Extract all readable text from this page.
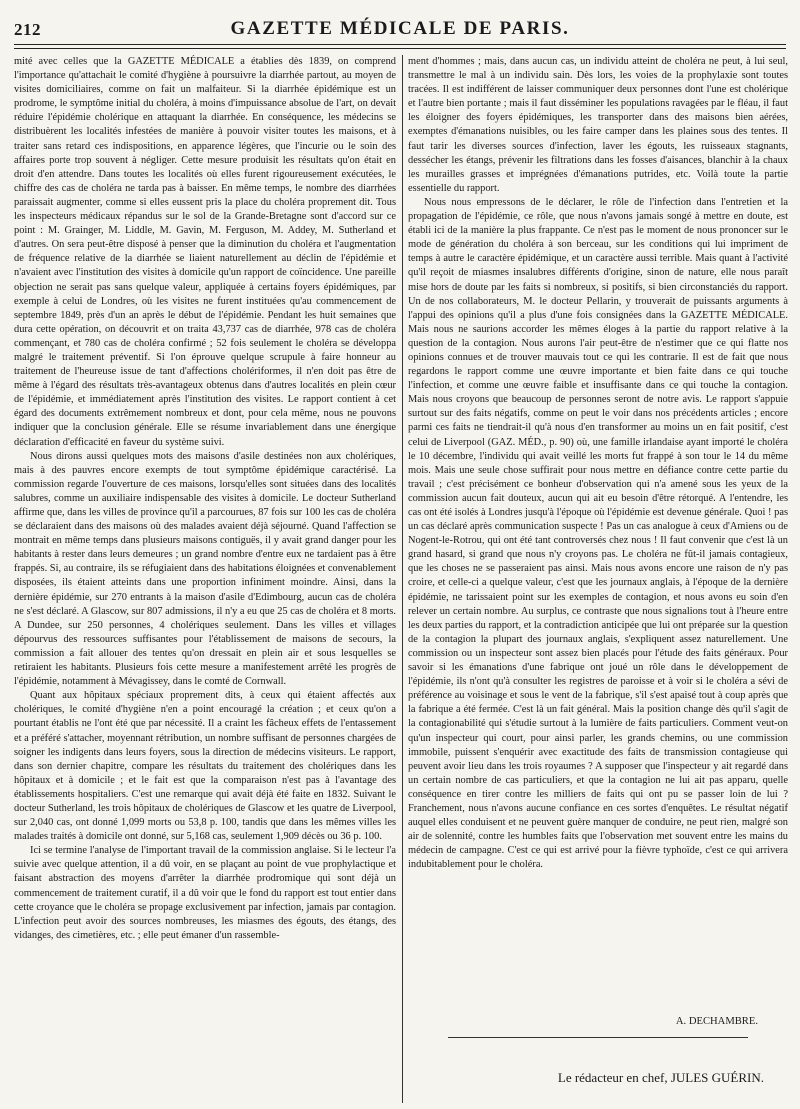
212	GAZETTE MÉDICALE DE PARIS.

mité avec celles que la GAZETTE MÉDICALE a établies dès 1839, on comprend l'importance qu'attachait le comité d'hygiène à poursuivre la diarrhée partout, au moyen de visites domiciliaires, comme on fait un malfaiteur. Si la diarrhée épidémique est un prodrome, le symptôme initial du choléra, à moins d'impuissance absolue de l'art, on devait réduire l'épidémie cholérique en attaquant la diarrhée. En conséquence, les médecins se distribuèrent les localités infestées de manière à pouvoir visiter toutes les maisons, et à traiter sans retard ces indispositions, en apparence légères, que l'incurie ou le soin des affaires porte trop souvent à négliger. Cette mesure produisit les résultats qu'on était en droit d'en attendre. Dans toutes les localités où elles furent rigoureusement exécutées, le chiffre des cas de choléra ne tarda pas à baisser. En même temps, le nombre des diarrhées paraissait augmenter, comme si elles eussent pris la place du choléra proprement dit. Tous les inspecteurs médicaux répandus sur le sol de la Grande-Bretagne sont d'accord sur ce point : M. Grainger, M. Liddle, M. Gavin, M. Ferguson, M. Addey, M. Sutherland et d'autres. On sera peut-être disposé à penser que la diminution du choléra et l'augmentation de fréquence relative de la diarrhée se liaient naturellement au déclin de l'épidémie et n'avaient avec l'institution des visites à domicile qu'un rapport de coïncidence. Une pareille objection ne serait pas sans quelque valeur, appliquée à certains foyers épidémiques, par exemple à celui de Londres, où les visites ne furent instituées qu'au commencement de septembre 1849, près d'un an après le début de l'épidémie. Pendant les huit semaines que dura cette opération, on découvrit et on traita 43,737 cas de diarrhée, 978 cas de choléra commençant, et 780 cas de choléra confirmé ; 52 fois seulement le choléra se développa malgré le traitement préventif. Si l'on éprouve quelque scrupule à faire honneur au traitement de l'heureuse issue de tant d'affections cholériformes, il n'en doit pas être de même à l'égard des résultats très-avantageux obtenus dans d'autres localités en plein cœur de l'épidémie, et immédiatement après l'institution des visites. Le rapport contient à cet égard des documents extrêmement nombreux et dont, pour cela même, nous ne pouvons indiquer que la conclusion générale. Elle se résume invariablement dans une énergique déclaration d'efficacité en faveur du système suivi.

Nous dirons aussi quelques mots des maisons d'asile destinées non aux cholériques, mais à des pauvres encore exempts de tout symptôme épidémique caractérisé. La commission regarde l'ouverture de ces maisons, lorsqu'elles sont situées dans des localités salubres, comme un auxiliaire indispensable des visites à domicile. Le docteur Sutherland affirme que, dans les villes de province qu'il a parcourues, 87 fois sur 100 les cas de choléra se déclaraient dans des maisons où des malades avaient déjà séjourné. Quand l'affection se montrait en même temps dans plusieurs maisons contiguës, il y avait grand danger pour les habitants à rester dans leurs demeures ; un grand nombre d'entre eux ne tardaient pas à être frappés. Si, au contraire, ils se réfugiaient dans des habitations éloignées et convenablement disposées, ils étaient atteints dans une proportion infiniment moindre. Ainsi, dans la dernière épidémie, sur 270 entrants à la maison d'asile d'Edimbourg, aucun cas de choléra ne s'est déclaré. A Glascow, sur 807 admissions, il n'y a eu que 25 cas de choléra et 8 morts. A Dundee, sur 250 personnes, 4 cholériques seulement. Dans les villes et villages dépourvus des ressources suffisantes pour l'établissement de maisons de secours, la commission a fait allouer des tentes qu'on dressait en plein air et sous lesquelles se retiraient les habitants. Plusieurs fois cette mesure a manifestement arrêté les progrès de l'épidémie, notamment à Mévagissey, dans le comté de Cornwall.

Quant aux hôpitaux spéciaux proprement dits, à ceux qui étaient affectés aux cholériques, le comité d'hygiène n'en a point encouragé la création ; et ceux qu'on a pourtant établis ne l'ont été que par nécessité. Il a craint les fâcheux effets de l'entassement et a préféré s'attacher, moyennant rétribution, un nombre suffisant de personnes chargées de soigner les indigents dans leurs foyers, sous la direction de médecins visiteurs. Le rapport, dans son dernier chapitre, compare les résultats du traitement des cholériques dans les hôpitaux et à domicile ; et le fait est que la comparaison n'est pas à l'avantage des établissements hospitaliers. C'est une remarque qui avait déjà été faite en 1832. Suivant le docteur Sutherland, les trois hôpitaux de cholériques de Glascow et les quatre de Liverpool, sur 2,040 cas, ont donné 1,099 morts ou 53,8 p. 100, tandis que dans les mêmes villes les malades traités à domicile ont donné, sur 5,168 cas, seulement 1,909 décès ou 36 p. 100.

Ici se termine l'analyse de l'important travail de la commission anglaise. Si le lecteur l'a suivie avec quelque attention, il a dû voir, en se plaçant au point de vue prophylactique et faisant abstraction des moyens d'arrêter la diarrhée prodromique qui sont déjà un commencement de traitement curatif, il a dû voir que le fond du rapport est tout entier dans cette croyance que le choléra se propage exclusivement par infection, jamais par contagion. L'infection peut avoir des sources nombreuses, les miasmes des égouts, des étangs, des vidanges, des cimetières, etc. ; elle peut émaner d'un rassemble-

ment d'hommes ; mais, dans aucun cas, un individu atteint de choléra ne peut, à lui seul, transmettre le mal à un individu sain. Dès lors, les voies de la prophylaxie sont toutes tracées. Il est indifférent de laisser communiquer deux personnes dont l'une est cholérique et l'autre bien portante ; mais il faut disséminer les populations ravagées par le fléau, il faut les éloigner des foyers épidémiques, les transporter dans des maisons bien aérées, exemptes d'émanations nuisibles, ou les faire camper dans les plaines sous des tentes. Il faut tarir les diverses sources d'infection, laver les égouts, les ruisseaux stagnants, dessécher les étangs, prévenir les filtrations dans les fosses d'aisances, blanchir à la chaux les murailles grasses et imprégnées d'émanations putrides, etc. Voilà toute la partie essentielle du rapport.

Nous nous empressons de le déclarer, le rôle de l'infection dans l'entretien et la propagation de l'épidémie, ce rôle, que nous n'avons jamais songé à mettre en doute, est établi ici de la manière la plus frappante. Ce n'est pas le moment de nous prononcer sur le mode de génération du choléra à son berceau, sur les conditions qui lui impriment de temps à autre le caractère épidémique, et un caractère aussi terrible. Mais quant à l'activité qu'il reçoit de miasmes insalubres différents d'origine, sinon de nature, elle nous paraît mise hors de doute par les faits si nombreux, si positifs, si bien circonstanciés du rapport. Un de nos collaborateurs, M. le docteur Pellarin, y trouverait de puissants arguments à l'appui des opinions qu'il a plus d'une fois consignées dans la GAZETTE MÉDICALE. Mais nous ne saurions accorder les mêmes éloges à la partie du rapport relative à la question de la contagion. Nous aurons l'air peut-être de n'estimer que ce qui flatte nos opinions connues et de trouver mauvais tout ce qui les contrarie. Il est de fait que nous regardons le rapport comme une œuvre importante et bien faite dans ce qui touche l'infection, et comme une œuvre faible et insuffisante dans ce qui touche la contagion. Mais nous croyons que beaucoup de personnes seront de notre avis. Le rapport s'appuie surtout sur des faits négatifs, comme on peut le voir dans nos précédents articles ; encore parmi ces faits ne tiendrait-il qu'à nous d'en transformer au moins un en fait positif, c'est celui de Liverpool (GAZ. MÉD., p. 90) où, une famille irlandaise ayant importé le choléra le 10 décembre, l'individu qui avait veillé les morts fut frappé à son tour le 14 du même mois. Mais une seule chose suffirait pour nous mettre en défiance contre cette partie du travail ; c'est précisément ce bonheur d'observation qui n'a amené sous les yeux de la commission aucun fait douteux, aucun qui ait eu besoin d'être rétorqué. A l'entendre, les cas ont été isolés à Londres jusqu'à l'époque où l'épidémie est devenue générale. Quoi ! pas un cas déclaré après communication suspecte ! Pas un cas analogue à ceux d'Amiens ou de Nogent-le-Rotrou, qui ont été tant controversés chez nous ! Il faut convenir que c'est là un grand hasard, si grand que nous n'y croyons pas. Le choléra ne fût-il jamais contagieux, que les choses ne se passeraient pas ainsi. Mais nous avons encore une raison de n'y pas croire, et celle-ci a quelque valeur, c'est que les journaux anglais, à l'époque de la dernière épidémie, ne tarissaient point sur les exemples de contagion, et nous avons eu soin d'en relever un certain nombre. Au surplus, ce contraste que nous signalions tout à l'heure entre les deux parties du rapport, et la contradiction anticipée que lui ont préparée sur la question de la contagion la plupart des journaux anglais, s'expliquent assez naturellement. Une commission ou un inspecteur sont assez bien placés pour l'étude des faits généraux. Pour savoir si les émanations d'une fabrique ont joué un rôle dans le développement de l'épidémie, ils n'ont qu'à consulter les registres de paroisse et à voir si le choléra a sévi de préférence au voisinage et sous le vent de la fabrique, s'il s'est apaisé tout à coup après que la fabrique a été fermée. C'est là un fait général. Mais la position change dès qu'il s'agit de la contagionabilité qui s'étudie surtout à la lumière de faits particuliers. Comment veut-on qu'un inspecteur qui court, pour ainsi parler, les grands chemins, ou une commission immobile, puissent s'enquérir avec exactitude des faits de transmission contagieuse qui peuvent avoir lieu dans les trois royaumes ? A supposer que l'inspecteur y ait regardé dans un certain nombre de cas particuliers, et que la contagion ne lui ait pas apparu, quelle conséquence en tirer contre les milliers de faits qui ont pu se passer loin de lui ? Franchement, nous n'avons aucune confiance en ces sortes d'enquêtes. Le résultat négatif auquel elles conduisent et ne peuvent guère manquer de conduire, ne peut rien, malgré son air de solennité, contre les humbles faits que l'observation met souvent entre les mains du médecin de campagne. C'est ce qui est arrivé pour la fièvre typhoïde, c'est ce qui arrivera indubitablement pour le choléra.

A. DECHAMBRE.
Le rédacteur en chef, JULES GUÉRIN.
